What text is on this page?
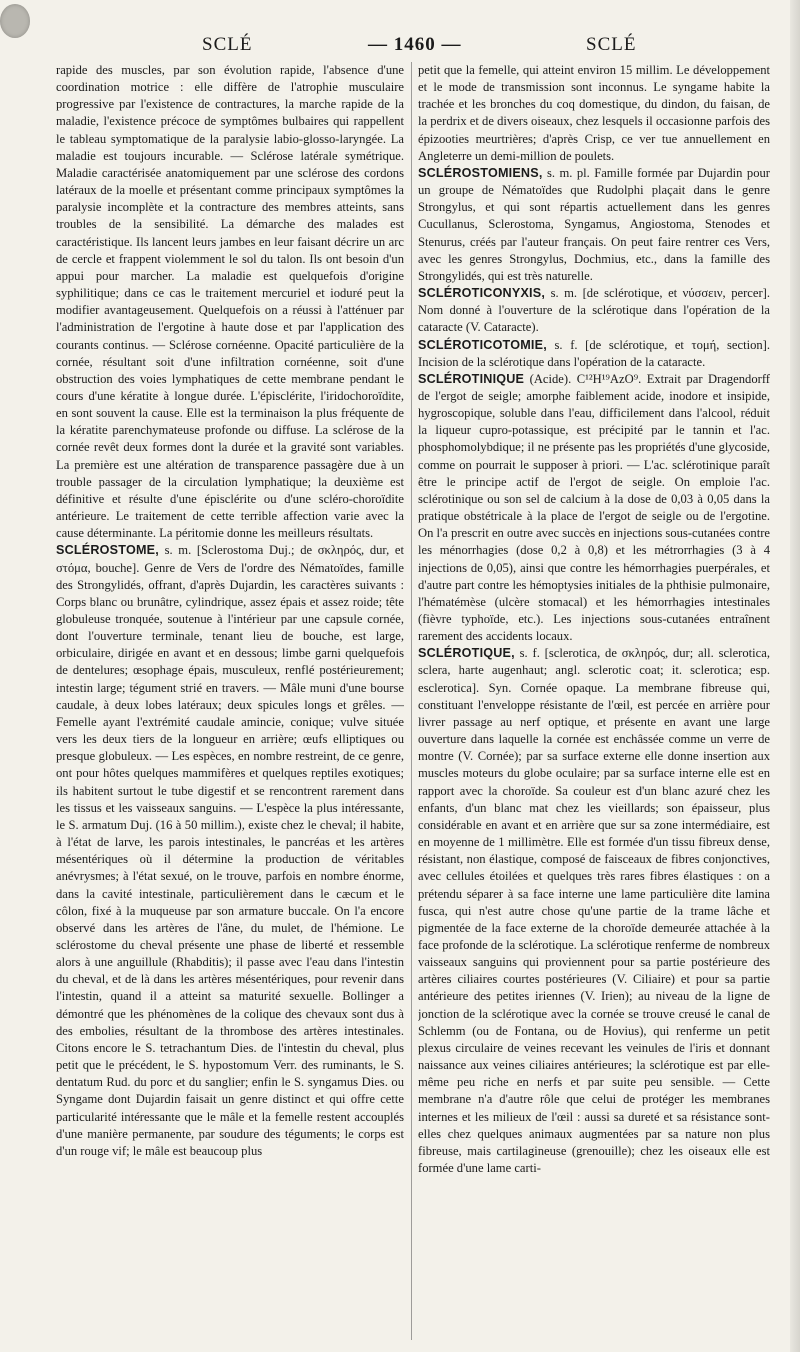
SCLÉ	— 1460 —	SCLÉ

rapide des muscles, par son évolution rapide, l'absence d'une coordination motrice : elle diffère de l'atrophie musculaire progressive par l'existence de contractures, la marche rapide de la maladie, l'existence précoce de symptômes bulbaires qui rappellent le tableau symptomatique de la paralysie labio-glosso-laryngée. La maladie est toujours incurable. — Sclérose latérale symétrique. Maladie caractérisée anatomiquement par une sclérose des cordons latéraux de la moelle et présentant comme principaux symptômes la paralysie incomplète et la contracture des membres atteints, sans troubles de la sensibilité. La démarche des malades est caractéristique. Ils lancent leurs jambes en leur faisant décrire un arc de cercle et frappent violemment le sol du talon. Ils ont besoin d'un appui pour marcher. La maladie est quelquefois d'origine syphilitique; dans ce cas le traitement mercuriel et ioduré peut la modifier avantageusement. Quelquefois on a réussi à l'atténuer par l'administration de l'ergotine à haute dose et par l'application des courants continus. — Sclérose cornéenne. Opacité particulière de la cornée, résultant soit d'une infiltration cornéenne, soit d'une obstruction des voies lymphatiques de cette membrane pendant le cours d'une kératite à longue durée. L'épisclérite, l'iridochoroïdite, en sont souvent la cause. Elle est la terminaison la plus fréquente de la kératite parenchymateuse profonde ou diffuse. La sclérose de la cornée revêt deux formes dont la durée et la gravité sont variables. La première est une altération de transparence passagère due à un trouble passager de la circulation lymphatique; la deuxième est définitive et résulte d'une épisclérite ou d'une scléro-choroïdite antérieure. Le traitement de cette terrible affection varie avec la cause déterminante. La péritomie donne les meilleurs résultats.

SCLÉROSTOME, s. m. [Sclerostoma Duj.; de σκληρός, dur, et στόμα, bouche]. Genre de Vers de l'ordre des Nématoïdes, famille des Strongylidés, offrant, d'après Dujardin, les caractères suivants : Corps blanc ou brunâtre, cylindrique, assez épais et assez roide; tête globuleuse tronquée, soutenue à l'intérieur par une capsule cornée, dont l'ouverture terminale, tenant lieu de bouche, est large, orbiculaire, dirigée en avant et en dessous; limbe garni quelquefois de dentelures; œsophage épais, musculeux, renflé postérieurement; intestin large; tégument strié en travers. — Mâle muni d'une bourse caudale, à deux lobes latéraux; deux spicules longs et grêles. — Femelle ayant l'extrémité caudale amincie, conique; vulve située vers les deux tiers de la longueur en arrière; œufs elliptiques ou presque globuleux. — Les espèces, en nombre restreint, de ce genre, ont pour hôtes quelques mammifères et quelques reptiles exotiques; ils habitent surtout le tube digestif et se rencontrent rarement dans les tissus et les vaisseaux sanguins. — L'espèce la plus intéressante, le S. armatum Duj. (16 à 50 millim.), existe chez le cheval; il habite, à l'état de larve, les parois intestinales, le pancréas et les artères mésentériques où il détermine la production de véritables anévrysmes; à l'état sexué, on le trouve, parfois en nombre énorme, dans la cavité intestinale, particulièrement dans le cæcum et le côlon, fixé à la muqueuse par son armature buccale. On l'a encore observé dans les artères de l'âne, du mulet, de l'hémione. Le sclérostome du cheval présente une phase de liberté et ressemble alors à une anguillule (Rhabditis); il passe avec l'eau dans l'intestin du cheval, et de là dans les artères mésentériques, pour revenir dans l'intestin, quand il a atteint sa maturité sexuelle. Bollinger a démontré que les phénomènes de la colique des chevaux sont dus à des embolies, résultant de la thrombose des artères intestinales. Citons encore le S. tetrachantum Dies. de l'intestin du cheval, plus petit que le précédent, le S. hypostomum Verr. des ruminants, le S. dentatum Rud. du porc et du sanglier; enfin le S. syngamus Dies. ou Syngame dont Dujardin faisait un genre distinct et qui offre cette particularité intéressante que le mâle et la femelle restent accouplés d'une manière permanente, par soudure des téguments; le corps est d'un rouge vif; le mâle est beaucoup plus

petit que la femelle, qui atteint environ 15 millim. Le développement et le mode de transmission sont inconnus. Le syngame habite la trachée et les bronches du coq domestique, du dindon, du faisan, de la perdrix et de divers oiseaux, chez lesquels il occasionne parfois des épizooties meurtrières; d'après Crisp, ce ver tue annuellement en Angleterre un demi-million de poulets.

SCLÉROSTOMIENS, s. m. pl. Famille formée par Dujardin pour un groupe de Nématoïdes que Rudolphi plaçait dans le genre Strongylus, et qui sont répartis actuellement dans les genres Cucullanus, Sclerostoma, Syngamus, Angiostoma, Stenodes et Stenurus, créés par l'auteur français. On peut faire rentrer ces Vers, avec les genres Strongylus, Dochmius, etc., dans la famille des Strongylidés, qui est très naturelle.

SCLÉROTICONYXIS, s. m. [de sclérotique, et νύσσειν, percer]. Nom donné à l'ouverture de la sclérotique dans l'opération de la cataracte (V. Cataracte).

SCLÉROTICOTOMIE, s. f. [de sclérotique, et τομή, section]. Incision de la sclérotique dans l'opération de la cataracte.

SCLÉROTINIQUE (Acide). C¹²H¹⁹AzO⁹. Extrait par Dragendorff de l'ergot de seigle; amorphe faiblement acide, inodore et insipide, hygroscopique, soluble dans l'eau, difficilement dans l'alcool, réduit la liqueur cupro-potassique, est précipité par le tannin et l'ac. phosphomolybdique; il ne présente pas les propriétés d'une glycoside, comme on pourrait le supposer à priori. — L'ac. sclérotinique paraît être le principe actif de l'ergot de seigle. On emploie l'ac. sclérotinique ou son sel de calcium à la dose de 0,03 à 0,05 dans la pratique obstétricale à la place de l'ergot de seigle ou de l'ergotine. On l'a prescrit en outre avec succès en injections sous-cutanées contre les ménorrhagies (dose 0,2 à 0,8) et les métrorrhagies (3 à 4 injections de 0,05), ainsi que contre les hémorrhagies puerpérales, et d'autre part contre les hémoptysies initiales de la phthisie pulmonaire, l'hématémèse (ulcère stomacal) et les hémorrhagies intestinales (fièvre typhoïde, etc.). Les injections sous-cutanées entraînent rarement des accidents locaux.

SCLÉROTIQUE, s. f. [sclerotica, de σκληρός, dur; all. sclerotica, sclera, harte augenhaut; angl. sclerotic coat; it. sclerotica; esp. esclerotica]. Syn. Cornée opaque. La membrane fibreuse qui, constituant l'enveloppe résistante de l'œil, est percée en arrière pour livrer passage au nerf optique, et présente en avant une large ouverture dans laquelle la cornée est enchâssée comme un verre de montre (V. Cornée); par sa surface externe elle donne insertion aux muscles moteurs du globe oculaire; par sa surface interne elle est en rapport avec la choroïde. Sa couleur est d'un blanc azuré chez les enfants, d'un blanc mat chez les vieillards; son épaisseur, plus considérable en avant et en arrière que sur sa zone intermédiaire, est en moyenne de 1 millimètre. Elle est formée d'un tissu fibreux dense, résistant, non élastique, composé de faisceaux de fibres conjonctives, avec cellules étoilées et quelques très rares fibres élastiques : on a prétendu séparer à sa face interne une lame particulière dite lamina fusca, qui n'est autre chose qu'une partie de la trame lâche et pigmentée de la face externe de la choroïde demeurée attachée à la face profonde de la sclérotique. La sclérotique renferme de nombreux vaisseaux sanguins qui proviennent pour sa partie postérieure des artères ciliaires courtes postérieures (V. Ciliaire) et pour sa partie antérieure des petites iriennes (V. Irien); au niveau de la ligne de jonction de la sclérotique avec la cornée se trouve creusé le canal de Schlemm (ou de Fontana, ou de Hovius), qui renferme un petit plexus circulaire de veines recevant les veinules de l'iris et donnant naissance aux veines ciliaires antérieures; la sclérotique est par elle-même peu riche en nerfs et par suite peu sensible. — Cette membrane n'a d'autre rôle que celui de protéger les membranes internes et les milieux de l'œil : aussi sa dureté et sa résistance sont-elles chez quelques animaux augmentées par sa nature non plus fibreuse, mais cartilagineuse (grenouille); chez les oiseaux elle est formée d'une lame carti-
